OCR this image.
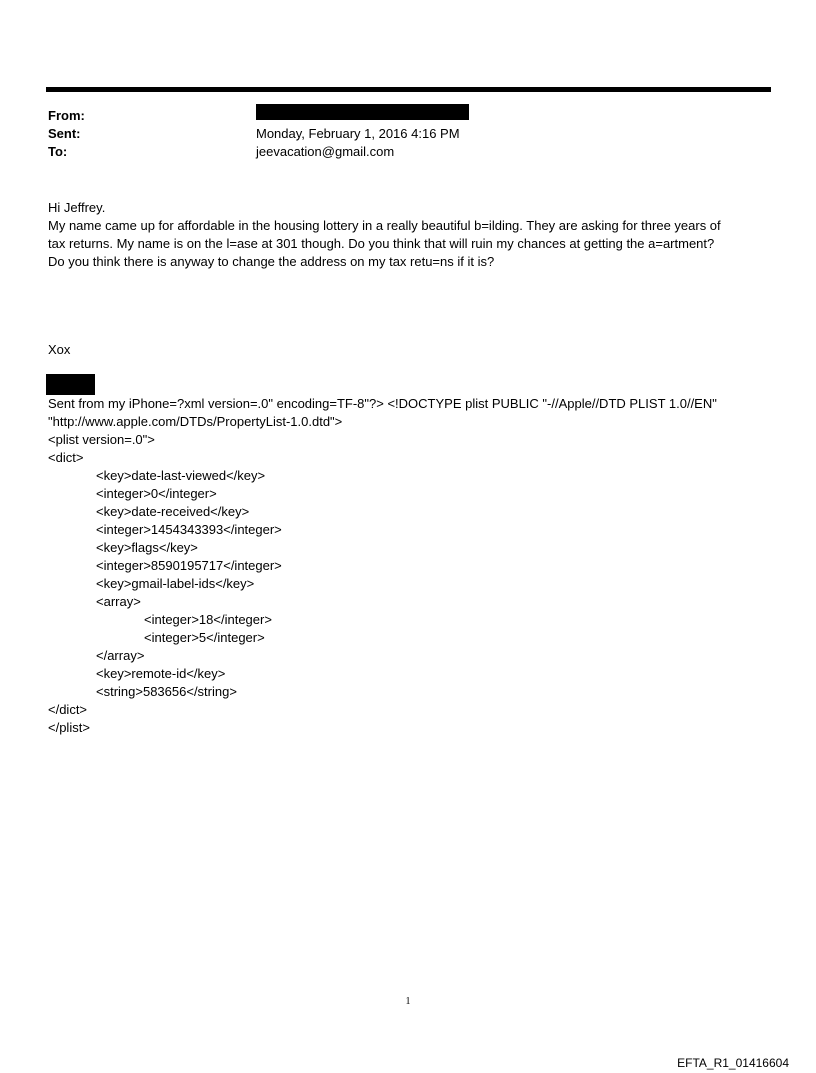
From:
Sent:	Monday, February 1, 2016 4:16 PM
To:	jeevacation@gmail.com
Hi Jeffrey.
My name came up for affordable in the housing lottery in a really beautiful b=ilding. They are asking for three years of
tax returns. My name is on the l=ase at 301 though. Do you think that will ruin my chances at getting the a=artment?
Do you think there is anyway to change the address on my tax retu=ns if it is?
Xox
Sent from my iPhone=?xml version=.0" encoding=TF-8"?> <!DOCTYPE plist PUBLIC "-//Apple//DTD PLIST 1.0//EN"
"http://www.apple.com/DTDs/PropertyList-1.0.dtd">
<plist version=.0">
<dict>
<key>date-last-viewed</key>
<integer>0</integer>
<key>date-received</key>
<integer>1454343393</integer>
<key>flags</key>
<integer>8590195717</integer>
<key>gmail-label-ids</key>
<array>
<integer>18</integer>
<integer>5</integer>
</array>
<key>remote-id</key>
<string>583656</string>
</dict>
</plist>
1
EFTA_R1_01416604
